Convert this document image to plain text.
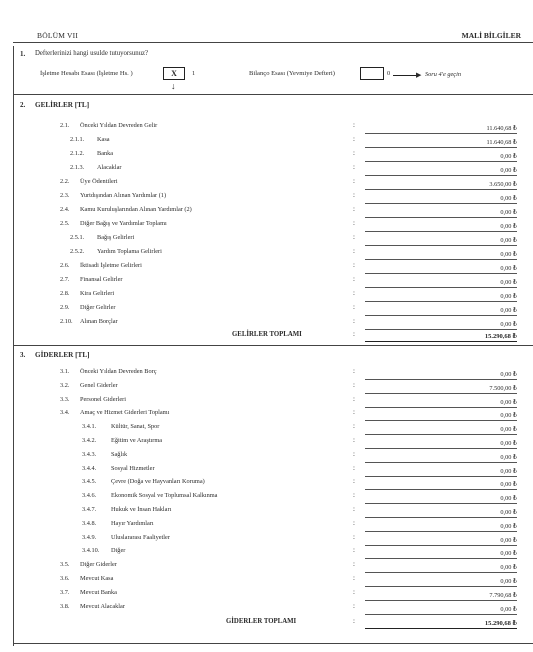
BÖLÜM VII	MALİ BİLGİLER
1. Defterlerinizi hangi usulde tutuyorsunuz?
İşletme Hesabı Esası (İşletme Hs. )	X	1
↓
Bilanço Esası (Yevmiye Defteri)	0	▶ Soru 4'e geçin
2. GELİRLER [TL]
2.1. Önceki Yıldan Devreden Gelir	:	11.640,68 ₺
2.1.1. Kasa	:	11.640,68 ₺
2.1.2. Banka	:	0,00 ₺
2.1.3. Alacaklar	:	0,00 ₺
2.2. Üye Ödentileri	:	3.650,00 ₺
2.3. Yurtdışından Alınan Yardımlar (1)	:	0,00 ₺
2.4. Kamu Kuruluşlarından Alınan Yardımlar (2)	:	0,00 ₺
2.5. Diğer Bağış ve Yardımlar Toplamı	:	0,00 ₺
2.5.1. Bağış Gelirleri	:	0,00 ₺
2.5.2. Yardım Toplama Gelirleri	:	0,00 ₺
2.6. İktisadi İşletme Gelirleri	:	0,00 ₺
2.7. Finansal Gelirler	:	0,00 ₺
2.8. Kira Gelirleri	:	0,00 ₺
2.9. Diğer Gelirler	:	0,00 ₺
2.10. Alınan Borçlar	:	0,00 ₺
GELİRLER TOPLAMI	:	15.290,68 ₺
3. GİDERLER [TL]
3.1. Önceki Yıldan Devreden Borç	:	0,00 ₺
3.2. Genel Giderler	:	7.500,00 ₺
3.3. Personel Giderleri	:	0,00 ₺
3.4. Amaç ve Hizmet Giderleri Toplamı	:	0,00 ₺
3.4.1. Kültür, Sanat, Spor	:	0,00 ₺
3.4.2. Eğitim ve Araştırma	:	0,00 ₺
3.4.3. Sağlık	:	0,00 ₺
3.4.4. Sosyal Hizmetler	:	0,00 ₺
3.4.5. Çevre (Doğa ve Hayvanları Koruma)	:	0,00 ₺
3.4.6. Ekonomik Sosyal ve Toplumsal Kalkınma	:	0,00 ₺
3.4.7. Hukuk ve İnsan Hakları	:	0,00 ₺
3.4.8. Hayır Yardımları	:	0,00 ₺
3.4.9. Uluslararası Faaliyetler	:	0,00 ₺
3.4.10. Diğer	:	0,00 ₺
3.5. Diğer Giderler	:	0,00 ₺
3.6. Mevcut Kasa	:	0,00 ₺
3.7. Mevcut Banka	:	7.790,68 ₺
3.8. Mevcut Alacaklar	:	0,00 ₺
GİDERLER TOPLAMI	:	15.290,68 ₺
